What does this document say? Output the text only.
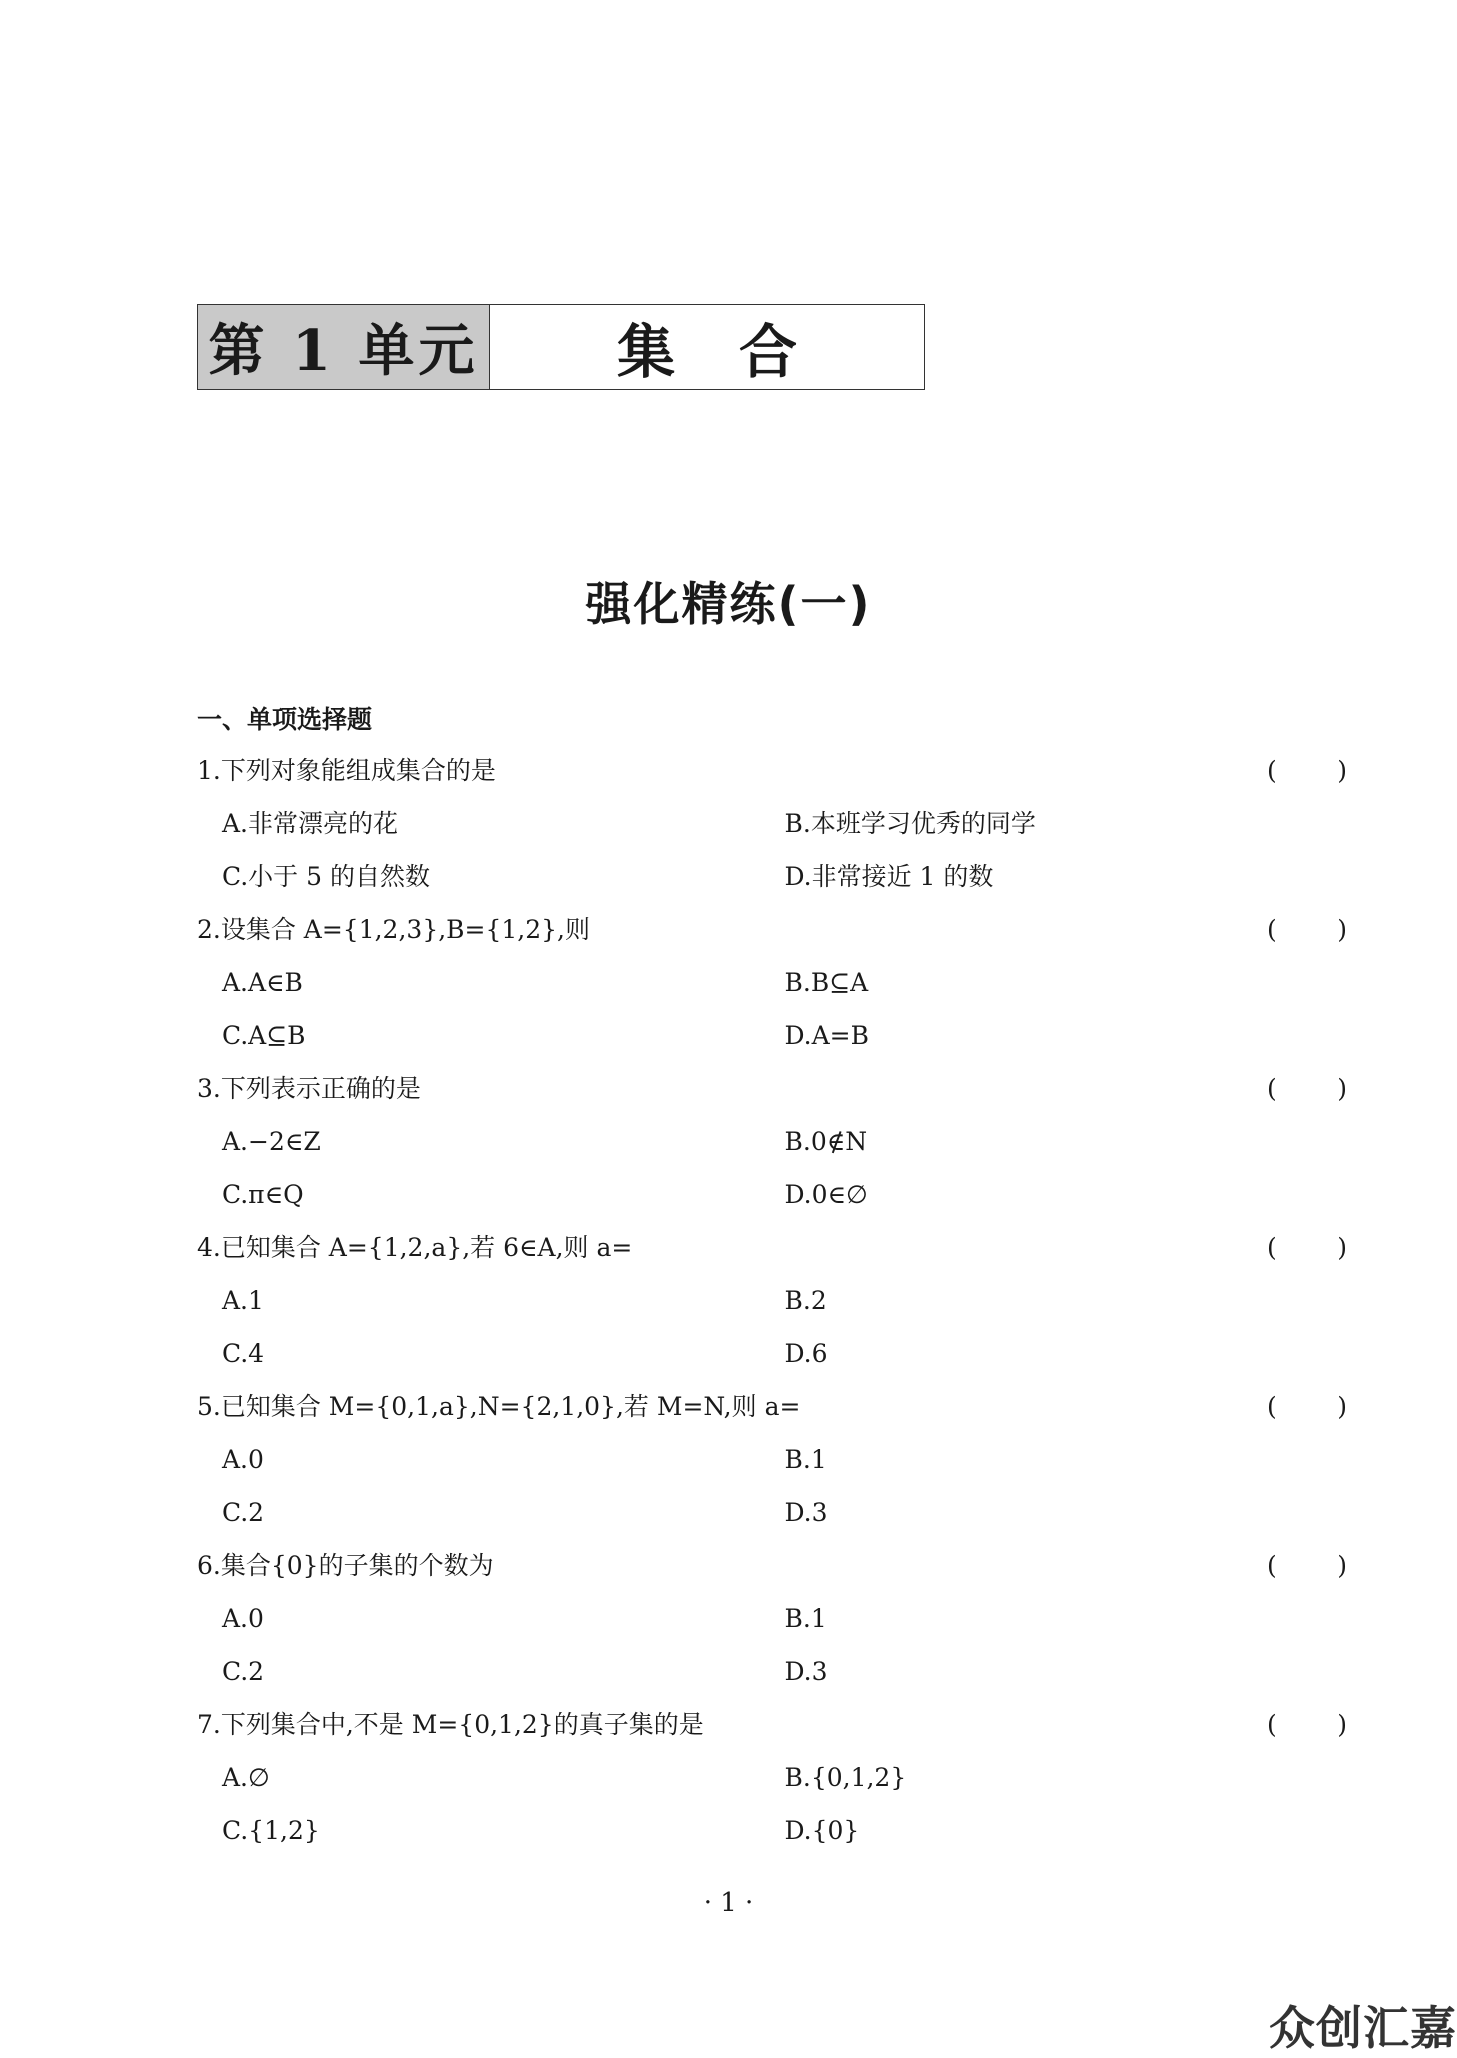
第 1 单元	集合
强化精练(一)
一、单项选择题
1.下列对象能组成集合的是	( )
A.非常漂亮的花	B.本班学习优秀的同学
C.小于 5 的自然数	D.非常接近 1 的数
2.设集合 A={1,2,3},B={1,2},则	( )
A.A∈B	B.B⊆A
C.A⊆B	D.A=B
3.下列表示正确的是	( )
A.−2∈Z	B.0∉N
C.π∈Q	D.0∈∅
4.已知集合 A={1,2,a},若 6∈A,则 a=	( )
A.1	B.2
C.4	D.6
5.已知集合 M={0,1,a},N={2,1,0},若 M=N,则 a=	( )
A.0	B.1
C.2	D.3
6.集合{0}的子集的个数为	( )
A.0	B.1
C.2	D.3
7.下列集合中,不是 M={0,1,2}的真子集的是	( )
A.∅	B.{0,1,2}
C.{1,2}	D.{0}
· 1 ·
众创汇嘉
